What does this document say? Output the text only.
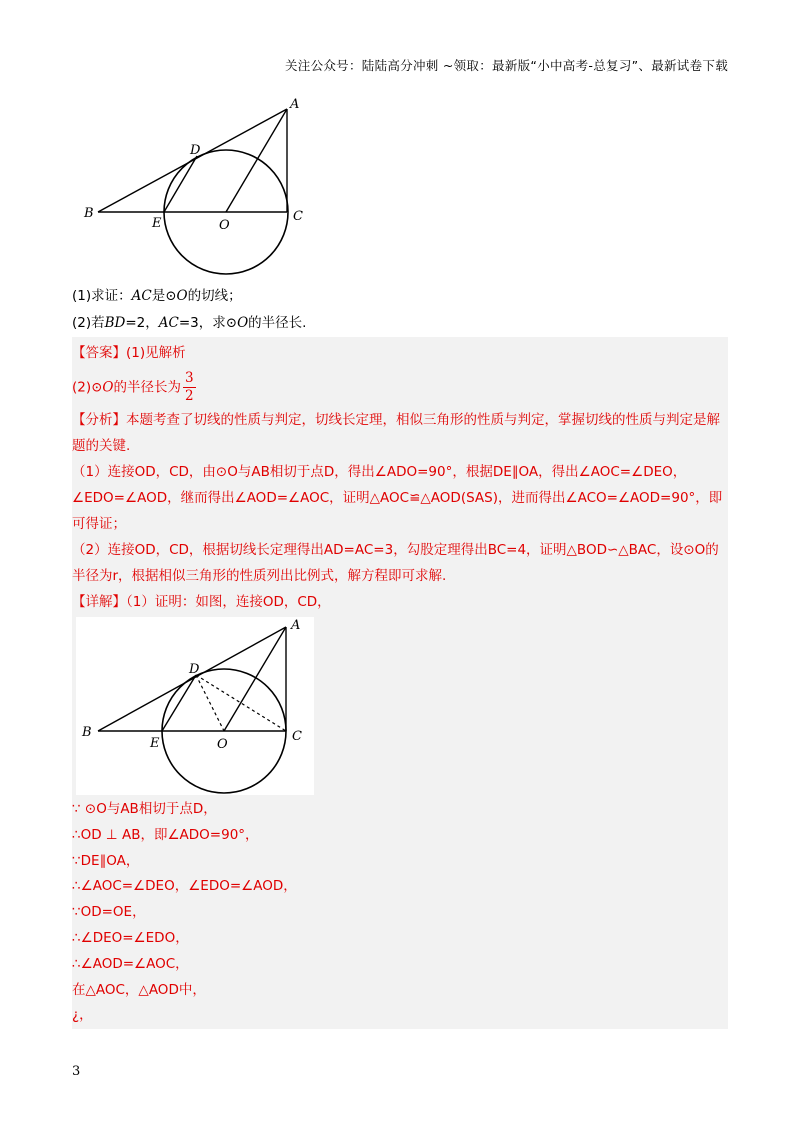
关注公众号：陆陆高分冲刺 ~领取：最新版“小中高考-总复习”、最新试卷下载
A
B	C
D
E	O
(1)求证：AC是⊙O的切线；
(2)若BD=2，AC=3，求⊙O的半径长.
【答案】(1)见解析
(2)⊙O的半径长为 $\frac{3}{2}$
【分析】本题考查了切线的性质与判定，切线长定理，相似三角形的性质与判定，掌握切线的性质与判定是解题的关键.
（1）连接OD，CD，由⊙O与AB相切于点D，得出∠ADO=90°，根据DE∥OA，得出∠AOC=∠DEO，∠EDO=∠AOD，继而得出∠AOD=∠AOC，证明△AOC≌△AOD(SAS)，进而得出∠ACO=∠AOD=90°，即可得证；
（2）连接OD，CD，根据切线长定理得出AD=AC=3，勾股定理得出BC=4，证明△BOD∽△BAC，设⊙O的半径为r，根据相似三角形的性质列出比例式，解方程即可求解.
【详解】（1）证明：如图，连接OD，CD，
A
B	C
D
E	O
∵ ⊙O与AB相切于点D，
∴OD ⊥ AB，即∠ADO=90°，
∵DE∥OA，
∴∠AOC=∠DEO，∠EDO=∠AOD，
∵OD=OE，
∴∠DEO=∠EDO，
∴∠AOD=∠AOC，
在△AOC，△AOD中，
¿，
3
